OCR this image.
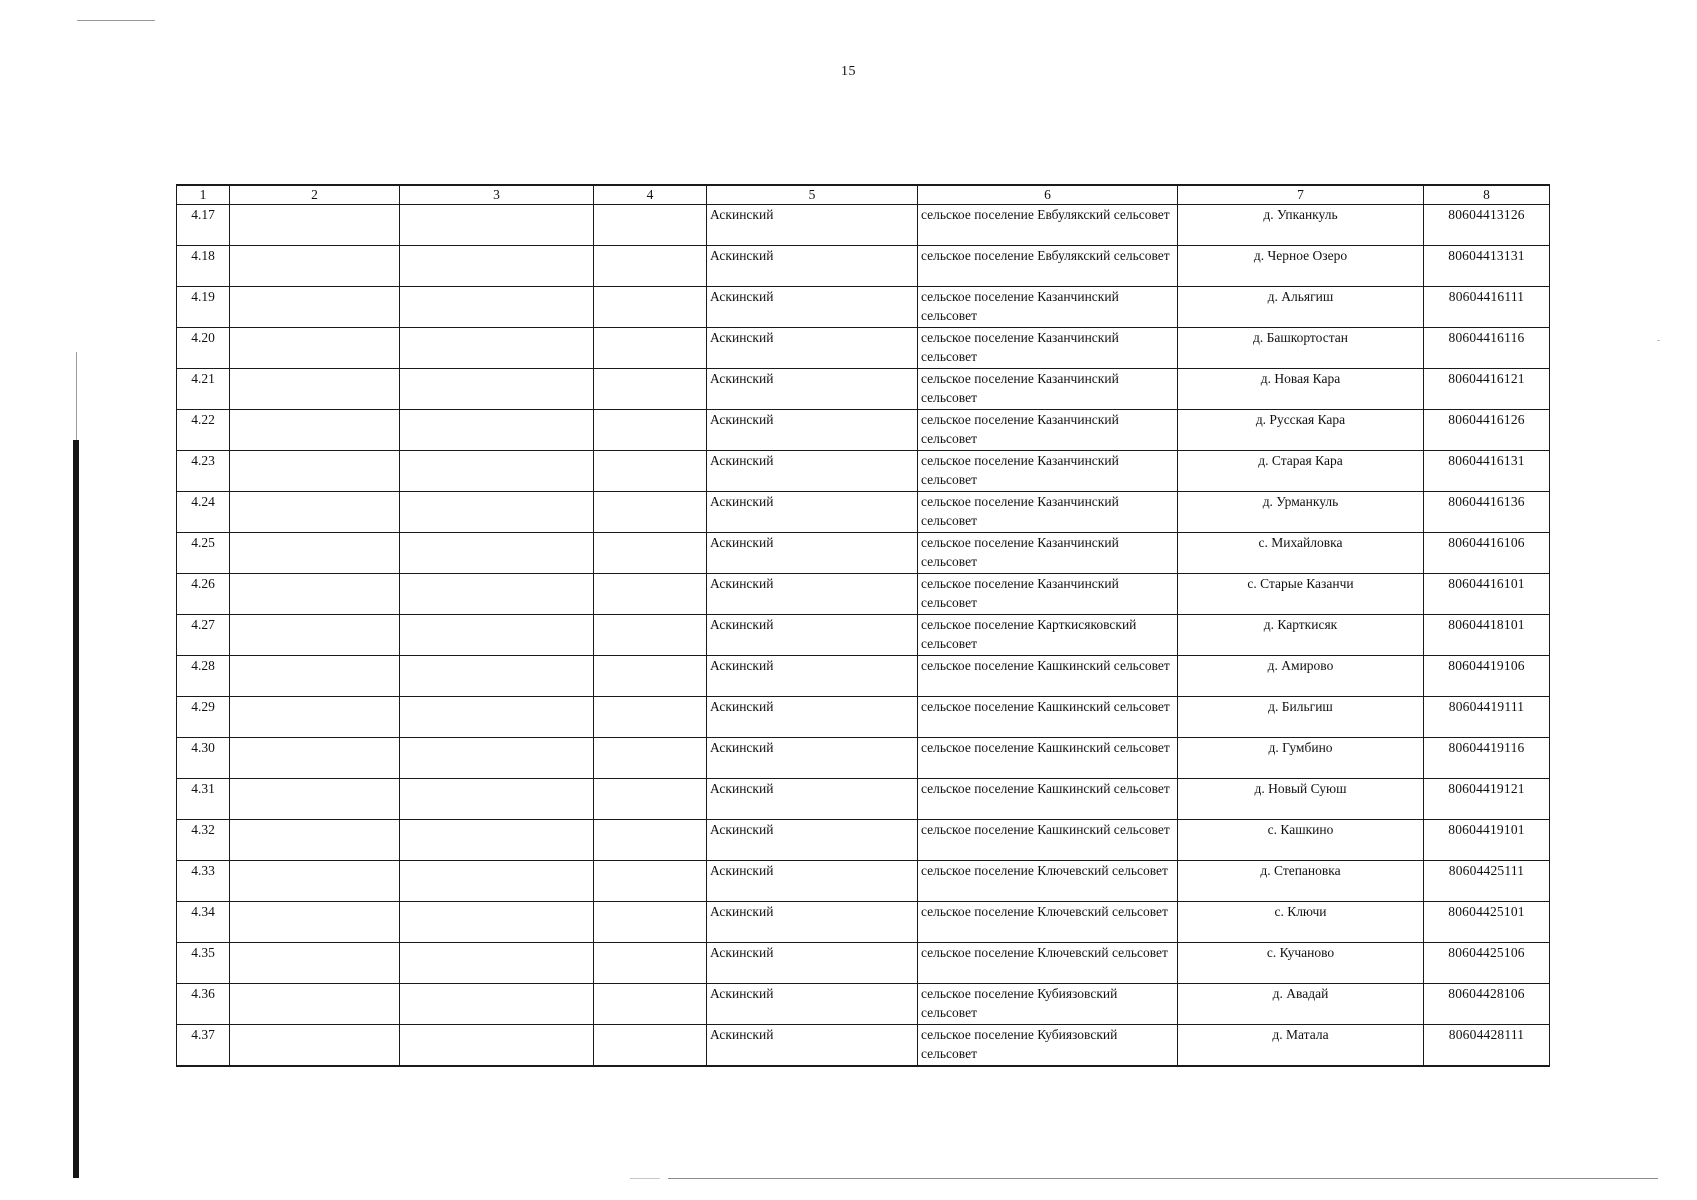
15
1	2	3	4	5	6	7	8
4.17				Аскинский	сельское поселение Евбулякский сельсовет	д. Упканкуль	80604413126
4.18				Аскинский	сельское поселение Евбулякский сельсовет	д. Черное Озеро	80604413131
4.19				Аскинский	сельское поселение Казанчинский сельсовет	д. Альягиш	80604416111
4.20				Аскинский	сельское поселение Казанчинский сельсовет	д. Башкортостан	80604416116
4.21				Аскинский	сельское поселение Казанчинский сельсовет	д. Новая Кара	80604416121
4.22				Аскинский	сельское поселение Казанчинский сельсовет	д. Русская Кара	80604416126
4.23				Аскинский	сельское поселение Казанчинский сельсовет	д. Старая Кара	80604416131
4.24				Аскинский	сельское поселение Казанчинский сельсовет	д. Урманкуль	80604416136
4.25				Аскинский	сельское поселение Казанчинский сельсовет	с. Михайловка	80604416106
4.26				Аскинский	сельское поселение Казанчинский сельсовет	с. Старые Казанчи	80604416101
4.27				Аскинский	сельское поселение Карткисяковский сельсовет	д. Карткисяк	80604418101
4.28				Аскинский	сельское поселение Кашкинский сельсовет	д. Амирово	80604419106
4.29				Аскинский	сельское поселение Кашкинский сельсовет	д. Бильгиш	80604419111
4.30				Аскинский	сельское поселение Кашкинский сельсовет	д. Гумбино	80604419116
4.31				Аскинский	сельское поселение Кашкинский сельсовет	д. Новый Суюш	80604419121
4.32				Аскинский	сельское поселение Кашкинский сельсовет	с. Кашкино	80604419101
4.33				Аскинский	сельское поселение Ключевский сельсовет	д. Степановка	80604425111
4.34				Аскинский	сельское поселение Ключевский сельсовет	с. Ключи	80604425101
4.35				Аскинский	сельское поселение Ключевский сельсовет	с. Кучаново	80604425106
4.36				Аскинский	сельское поселение Кубиязовский сельсовет	д. Авадай	80604428106
4.37				Аскинский	сельское поселение Кубиязовский сельсовет	д. Матала	80604428111
